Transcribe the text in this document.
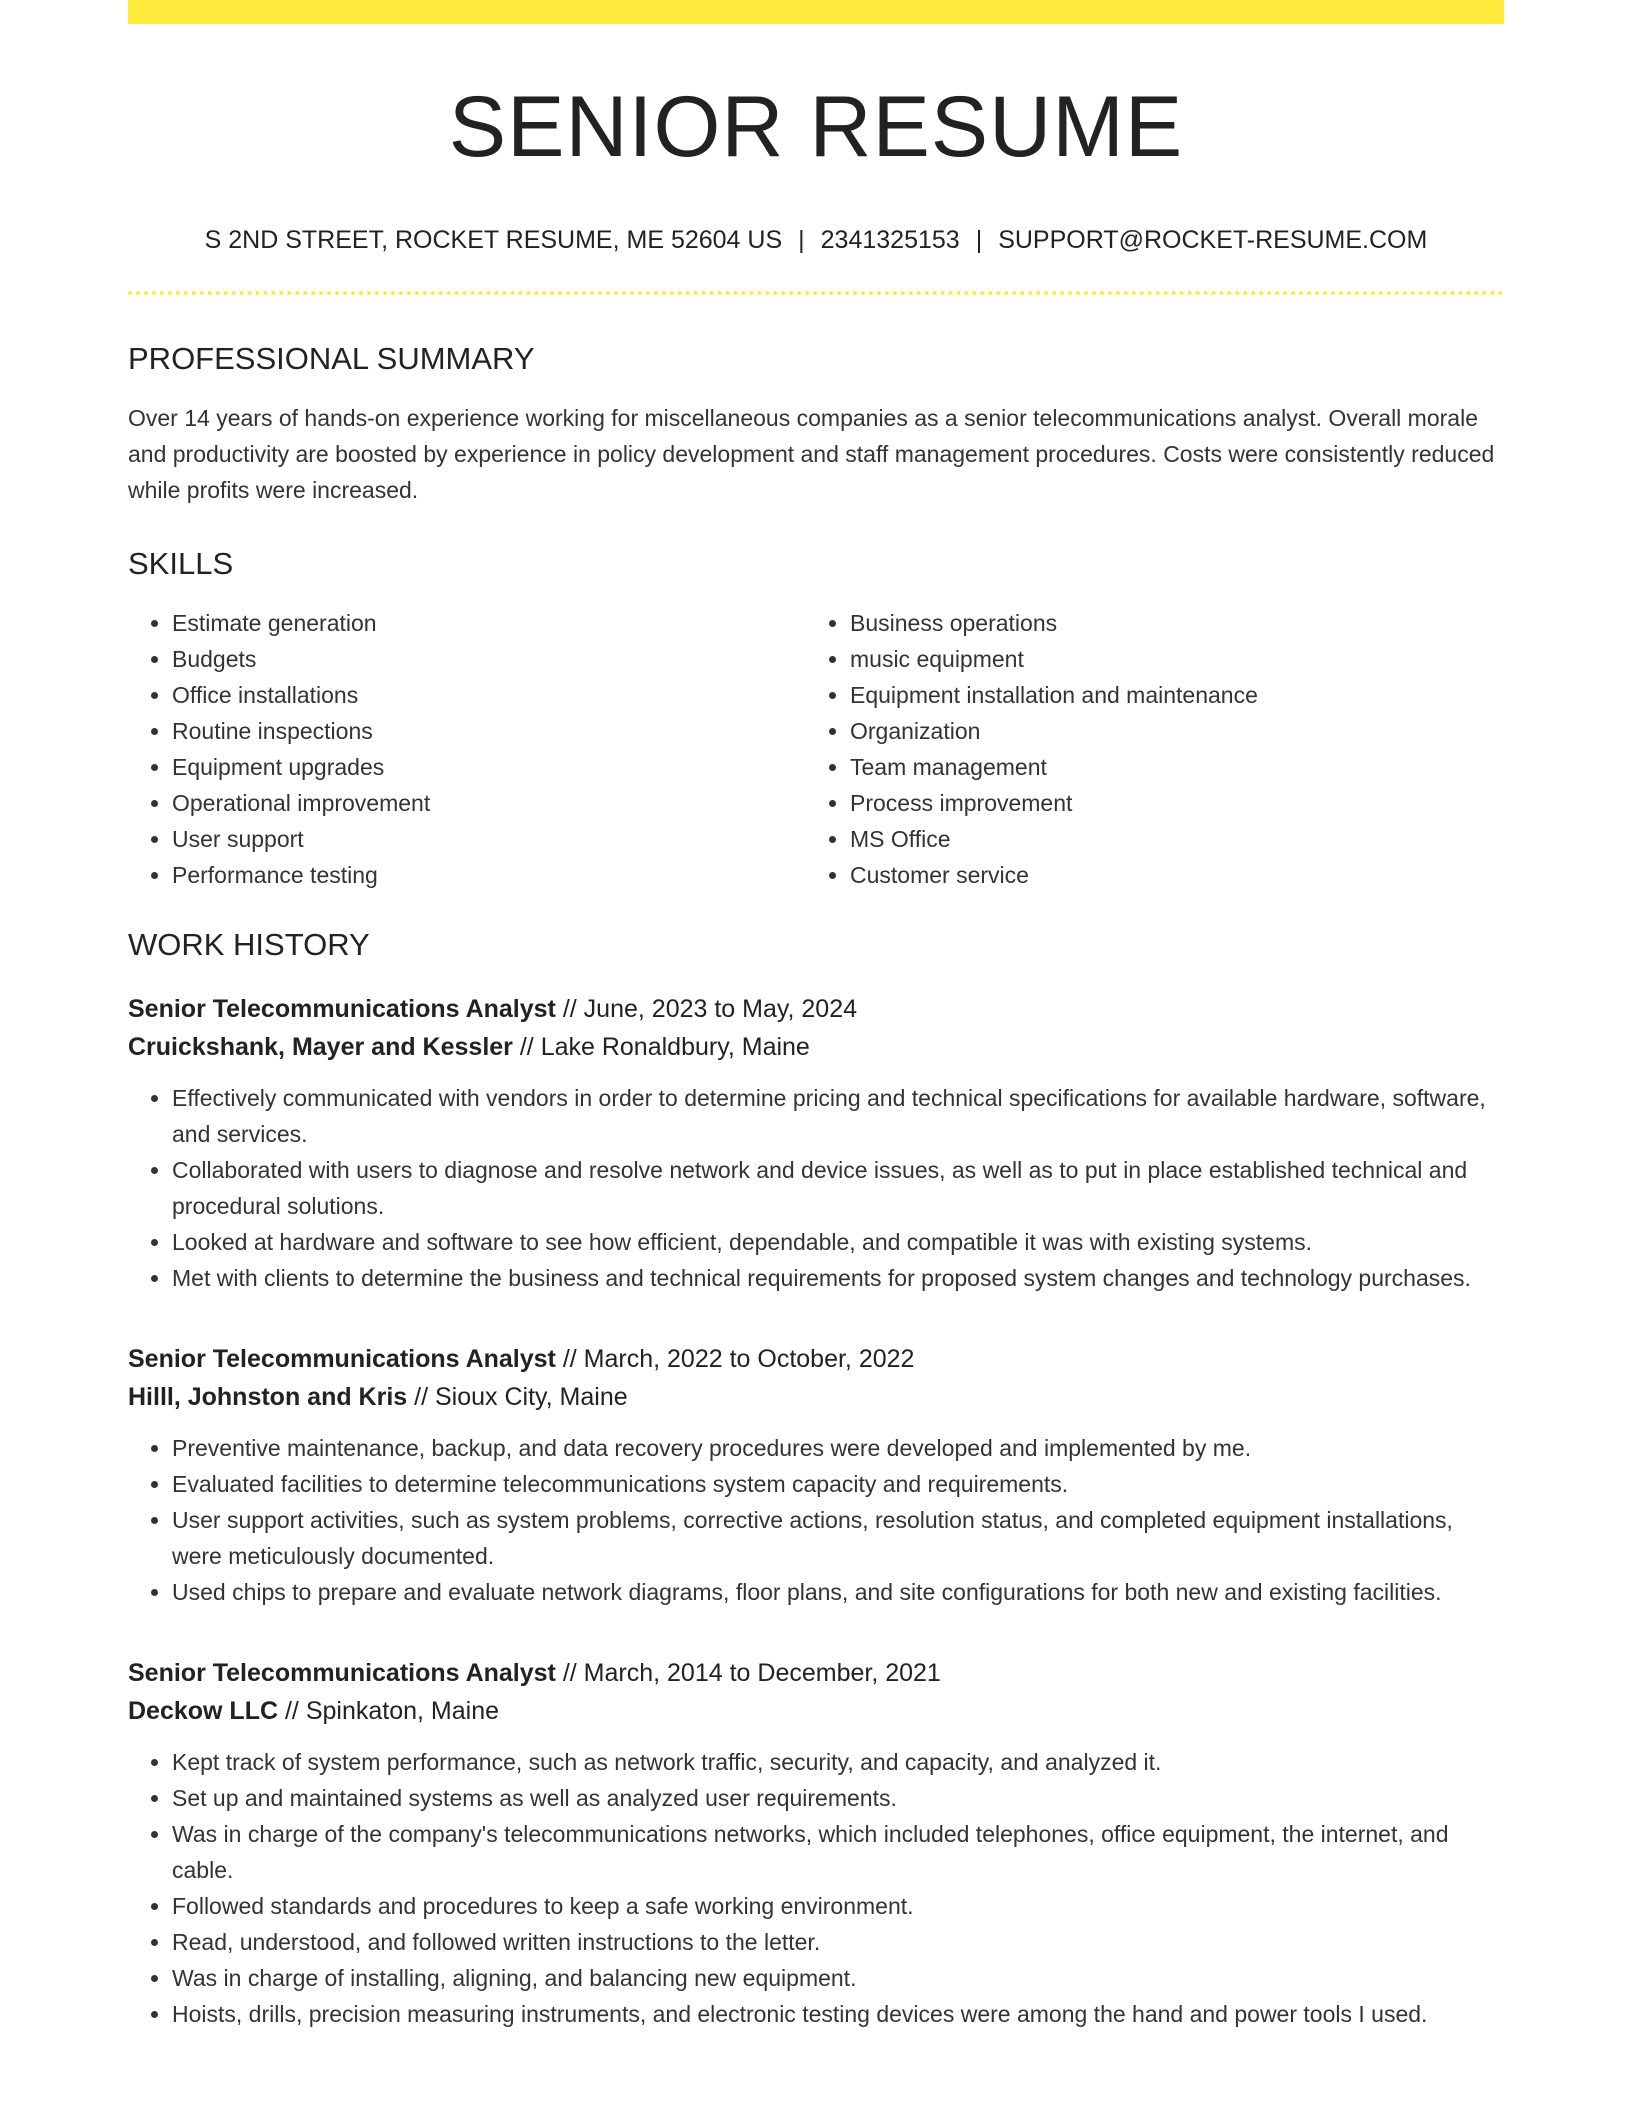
SENIOR RESUME
S 2ND STREET, ROCKET RESUME, ME 52604 US | 2341325153 | SUPPORT@ROCKET-RESUME.COM
PROFESSIONAL SUMMARY

Over 14 years of hands-on experience working for miscellaneous companies as a senior telecommunications analyst. Overall morale and productivity are boosted by experience in policy development and staff management procedures. Costs were consistently reduced while profits were increased.

SKILLS
• Estimate generation
• Budgets
• Office installations
• Routine inspections
• Equipment upgrades
• Operational improvement
• User support
• Performance testing
• Business operations
• music equipment
• Equipment installation and maintenance
• Organization
• Team management
• Process improvement
• MS Office
• Customer service
WORK HISTORY
Senior Telecommunications Analyst // June, 2023 to May, 2024
Cruickshank, Mayer and Kessler // Lake Ronaldbury, Maine
• Effectively communicated with vendors in order to determine pricing and technical specifications for available hardware, software, and services.
• Collaborated with users to diagnose and resolve network and device issues, as well as to put in place established technical and procedural solutions.
• Looked at hardware and software to see how efficient, dependable, and compatible it was with existing systems.
• Met with clients to determine the business and technical requirements for proposed system changes and technology purchases.
Senior Telecommunications Analyst // March, 2022 to October, 2022
Hilll, Johnston and Kris // Sioux City, Maine
• Preventive maintenance, backup, and data recovery procedures were developed and implemented by me.
• Evaluated facilities to determine telecommunications system capacity and requirements.
• User support activities, such as system problems, corrective actions, resolution status, and completed equipment installations, were meticulously documented.
• Used chips to prepare and evaluate network diagrams, floor plans, and site configurations for both new and existing facilities.
Senior Telecommunications Analyst // March, 2014 to December, 2021
Deckow LLC // Spinkaton, Maine
• Kept track of system performance, such as network traffic, security, and capacity, and analyzed it.
• Set up and maintained systems as well as analyzed user requirements.
• Was in charge of the company's telecommunications networks, which included telephones, office equipment, the internet, and cable.
• Followed standards and procedures to keep a safe working environment.
• Read, understood, and followed written instructions to the letter.
• Was in charge of installing, aligning, and balancing new equipment.
• Hoists, drills, precision measuring instruments, and electronic testing devices were among the hand and power tools I used.
